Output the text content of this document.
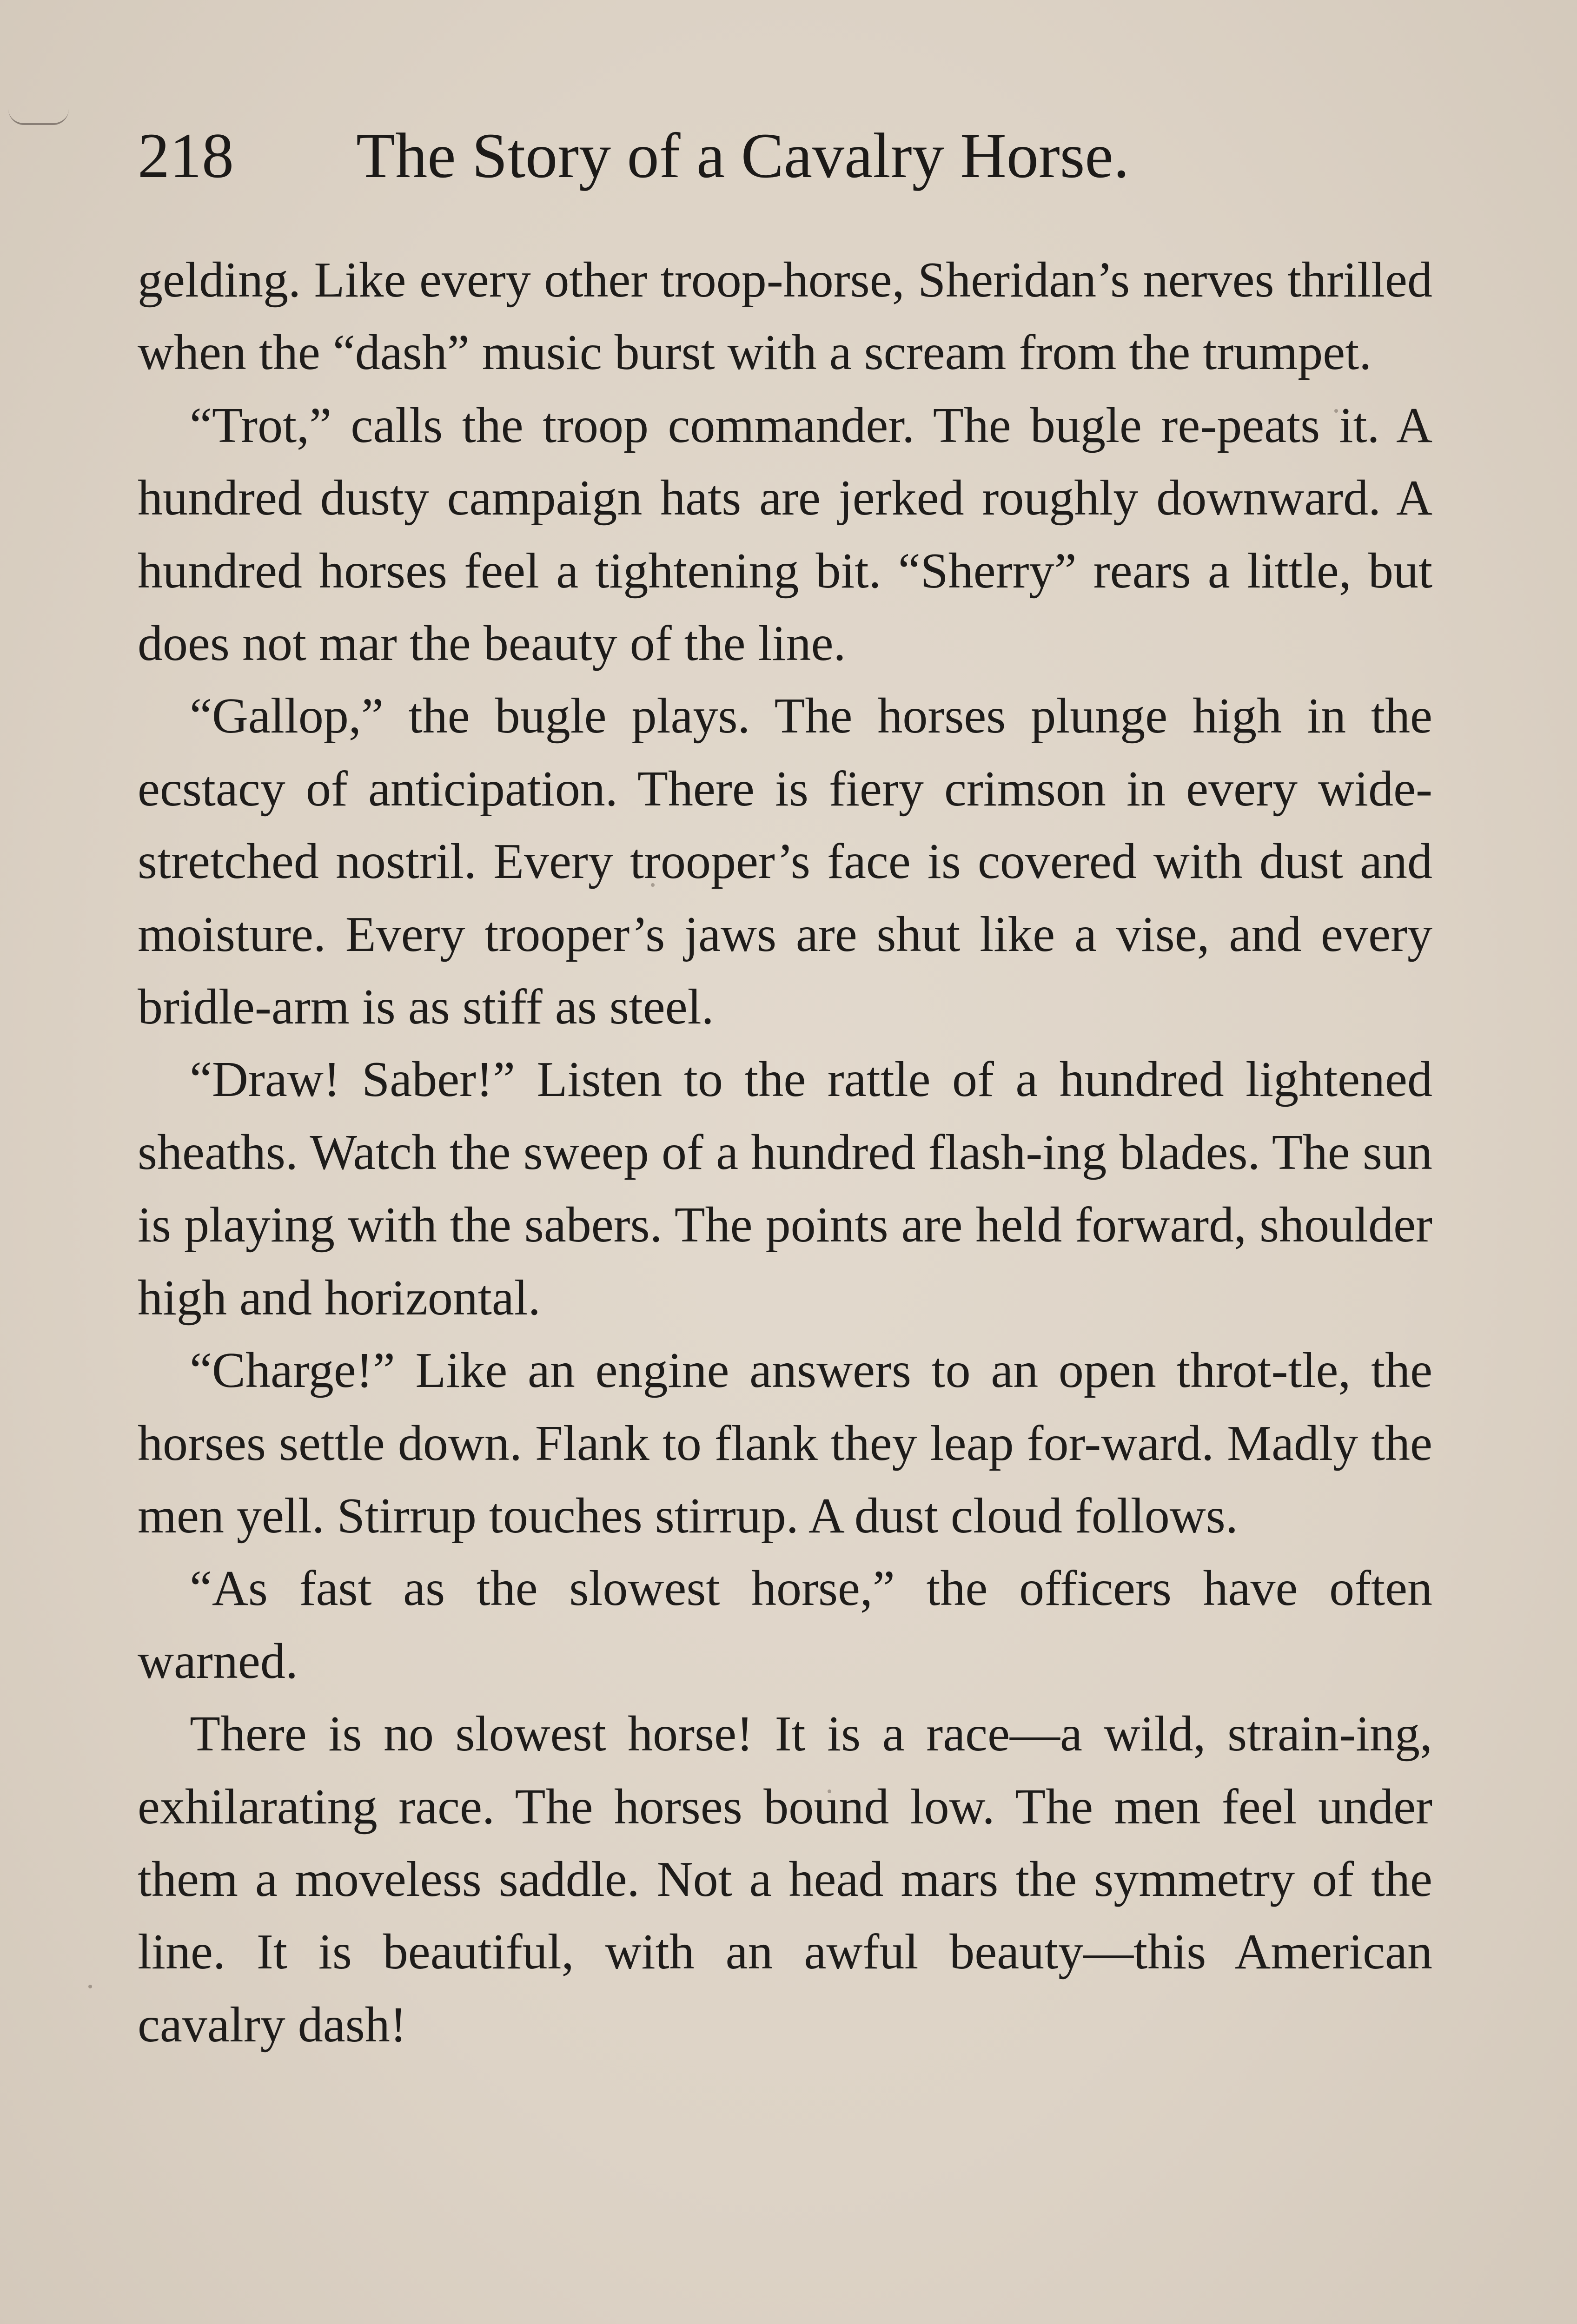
218 The Story of a Cavalry Horse.

gelding. Like every other troop-horse, Sheridan’s nerves thrilled when the “dash” music burst with a scream from the trumpet.

“Trot,” calls the troop commander. The bugle re-peats it. A hundred dusty campaign hats are jerked roughly downward. A hundred horses feel a tightening bit. “Sherry” rears a little, but does not mar the beauty of the line.

“Gallop,” the bugle plays. The horses plunge high in the ecstacy of anticipation. There is fiery crimson in every wide-stretched nostril. Every trooper’s face is covered with dust and moisture. Every trooper’s jaws are shut like a vise, and every bridle-arm is as stiff as steel.

“Draw! Saber!” Listen to the rattle of a hundred lightened sheaths. Watch the sweep of a hundred flash-ing blades. The sun is playing with the sabers. The points are held forward, shoulder high and horizontal.

“Charge!” Like an engine answers to an open throt-tle, the horses settle down. Flank to flank they leap for-ward. Madly the men yell. Stirrup touches stirrup. A dust cloud follows.

“As fast as the slowest horse,” the officers have often warned.

There is no slowest horse! It is a race—a wild, strain-ing, exhilarating race. The horses bound low. The men feel under them a moveless saddle. Not a head mars the symmetry of the line. It is beautiful, with an awful beauty—this American cavalry dash!
